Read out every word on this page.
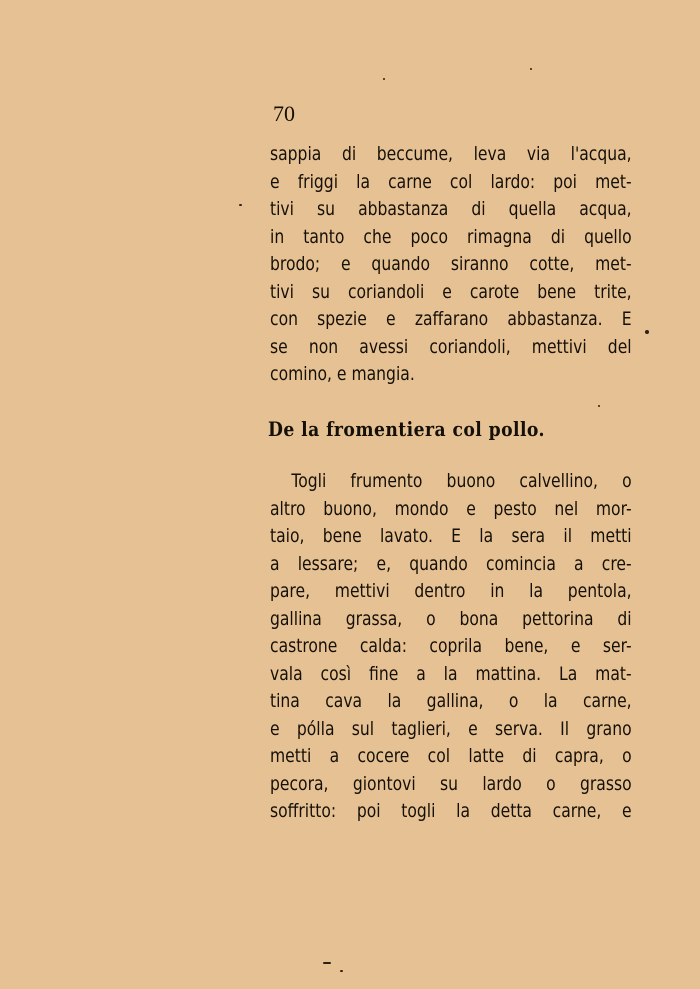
70
sappia di beccume, leva via l'acqua,
e friggi la carne col lardo: poi met-
tivi su abbastanza di quella acqua,
in tanto che poco rimagna di quello
brodo; e quando siranno cotte, met-
tivi su coriandoli e carote bene trite,
con spezie e zaffarano abbastanza. E
se non avessi coriandoli, mettivi del
comino, e mangia.
De la fromentiera col pollo.
Togli frumento buono calvellino, o
altro buono, mondo e pesto nel mor-
taio, bene lavato. E la sera il metti
a lessare; e, quando comincia a cre-
pare, mettivi dentro in la pentola,
gallina grassa, o bona pettorina di
castrone calda: coprila bene, e ser-
vala così fine a la mattina. La mat-
tina cava la gallina, o la carne,
e pólla sul taglieri, e serva. Il grano
metti a cocere col latte di capra, o
pecora, giontovi su lardo o grasso
soffritto: poi togli la detta carne, e
